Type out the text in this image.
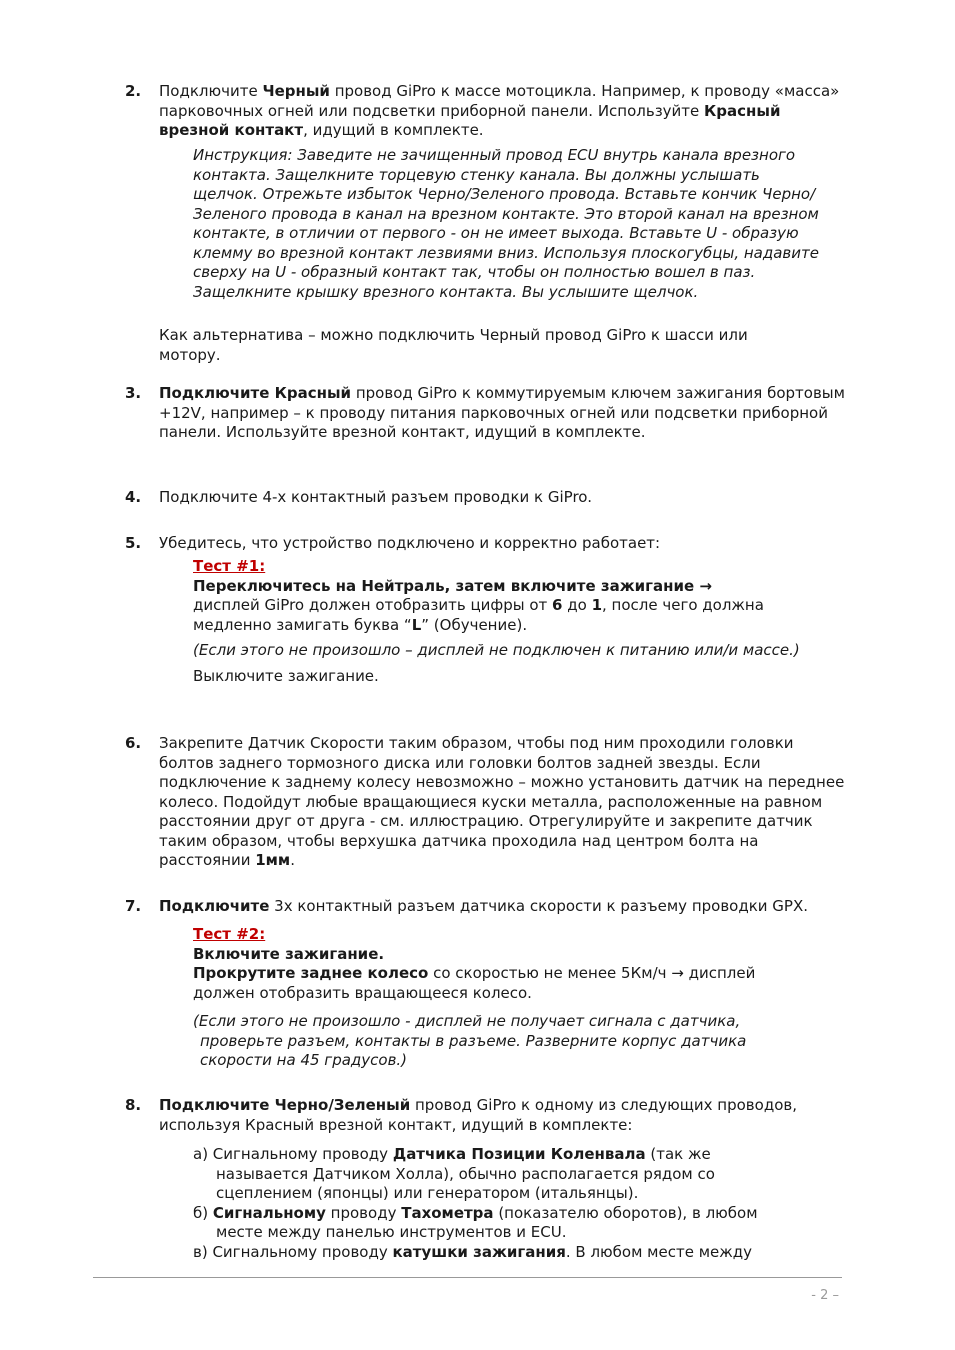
2. Подключите Черный провод GiPro к массе мотоцикла. Например, к проводу «масса» парковочных огней или подсветки приборной панели. Используйте Красный врезной контакт, идущий в комплекте.

Инструкция: Заведите не зачищенный провод ECU внутрь канала врезного контакта. Защелкните торцевую стенку канала. Вы должны услышать щелчок. Отрежьте избыток Черно/Зеленого провода. Вставьте кончик Черно/Зеленого провода в канал на врезном контакте. Это второй канал на врезном контакте, в отличии от первого - он не имеет выхода. Вставьте U - образую клемму во врезной контакт лезвиями вниз. Используя плоскогубцы, надавите сверху на U - образный контакт так, чтобы он полностью вошел в паз. Защелкните крышку врезного контакта. Вы услышите щелчок.

Как альтернатива – можно подключить Черный провод GiPro к шасси или мотору.

3. Подключите Красный провод GiPro к коммутируемым ключем зажигания бортовым +12V, например – к проводу питания парковочных огней или подсветки приборной панели. Используйте врезной контакт, идущий в комплекте.

4. Подключите 4-х контактный разъем проводки к GiPro.

5. Убедитесь, что устройство подключено и корректно работает:

Тест #1:

Переключитесь на Нейтраль, затем включите зажигание →

дисплей GiPro должен отобразить цифры от 6 до 1, после чего должна медленно замигать буква “L” (Обучение).

(Если этого не произошло – дисплей не подключен к питанию или/и массе.)

Выключите зажигание.

6. Закрепите Датчик Скорости таким образом, чтобы под ним проходили головки болтов заднего тормозного диска или головки болтов задней звезды. Если подключение к заднему колесу невозможно – можно установить датчик на переднее колесо. Подойдут любые вращающиеся куски металла, расположенные на равном расстоянии друг от друга - см. иллюстрацию. Отрегулируйте и закрепите датчик таким образом, чтобы верхушка датчика проходила над центром болта на расстоянии 1мм.

7. Подключите 3х контактный разъем датчика скорости к разъему проводки GPX.

Тест #2:

Включите зажигание.

Прокрутите заднее колесо со скоростью не менее 5Км/ч → дисплей должен отобразить вращающееся колесо.

(Если этого не произошло - дисплей не получает сигнала с датчика, проверьте разъем, контакты в разъеме. Разверните корпус датчика скорости на 45 градусов.)

8. Подключите Черно/Зеленый провод GiPro к одному из следующих проводов, используя Красный врезной контакт, идущий в комплекте:

а) Сигнальному проводу Датчика Позиции Коленвала (так же называется Датчиком Холла), обычно располагается рядом со сцеплением (японцы) или генератором (итальянцы).

б) Сигнальному проводу Тахометра (показателю оборотов), в любом месте между панелью инструментов и ECU.

в) Сигнальному проводу катушки зажигания. В любом месте между

- 2 –
